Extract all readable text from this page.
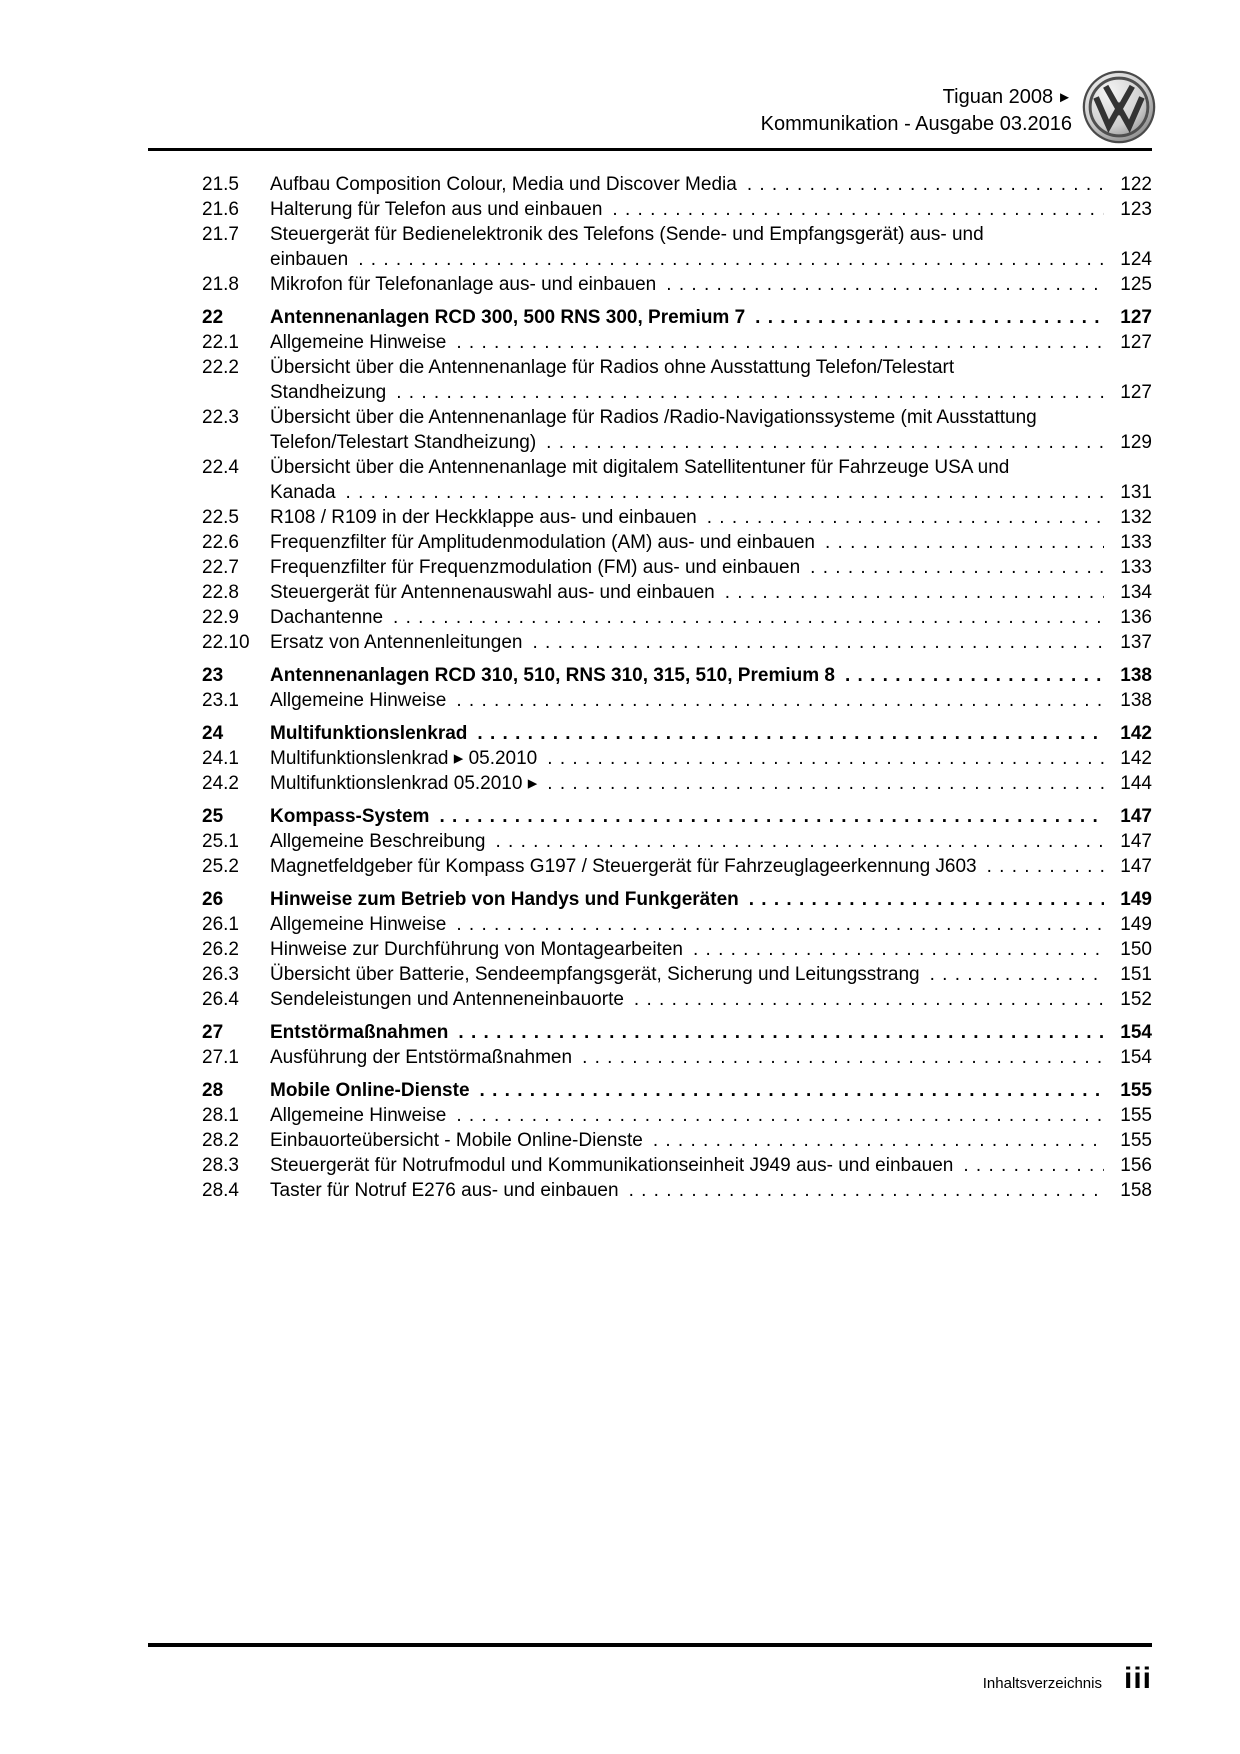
Tiguan 2008 ►
Kommunikation - Ausgabe 03.2016
21.5	Aufbau Composition Colour, Media und Discover Media . . .	122
21.6	Halterung für Telefon aus und einbauen . . .	123
21.7	Steuergerät für Bedienelektronik des Telefons (Sende- und Empfangsgerät) aus- und
einbauen . . .	124
21.8	Mikrofon für Telefonanlage aus- und einbauen . . .	125
22	Antennenanlagen RCD 300, 500 RNS 300, Premium 7 . . .	127
22.1	Allgemeine Hinweise . . .	127
22.2	Übersicht über die Antennenanlage für Radios ohne Ausstattung Telefon/Telestart
Standheizung . . .	127
22.3	Übersicht über die Antennenanlage für Radios /Radio-Navigationssysteme (mit Ausstattung
Telefon/Telestart Standheizung) . . .	129
22.4	Übersicht über die Antennenanlage mit digitalem Satellitentuner für Fahrzeuge USA und
Kanada . . .	131
22.5	R108 / R109 in der Heckklappe aus- und einbauen . . .	132
22.6	Frequenzfilter für Amplitudenmodulation (AM) aus- und einbauen . . .	133
22.7	Frequenzfilter für Frequenzmodulation (FM) aus- und einbauen . . .	133
22.8	Steuergerät für Antennenauswahl aus- und einbauen . . .	134
22.9	Dachantenne . . .	136
22.10	Ersatz von Antennenleitungen . . .	137
23	Antennenanlagen RCD 310, 510, RNS 310, 315, 510, Premium 8 . . .	138
23.1	Allgemeine Hinweise . . .	138
24	Multifunktionslenkrad . . .	142
24.1	Multifunktionslenkrad ▸ 05.2010 . . .	142
24.2	Multifunktionslenkrad 05.2010 ▸ . . .	144
25	Kompass-System . . .	147
25.1	Allgemeine Beschreibung . . .	147
25.2	Magnetfeldgeber für Kompass G197 / Steuergerät für Fahrzeuglageerkennung J603 . . .	147
26	Hinweise zum Betrieb von Handys und Funkgeräten . . .	149
26.1	Allgemeine Hinweise . . .	149
26.2	Hinweise zur Durchführung von Montagearbeiten . . .	150
26.3	Übersicht über Batterie, Sendeempfangsgerät, Sicherung und Leitungsstrang . . .	151
26.4	Sendeleistungen und Antenneneinbauorte . . .	152
27	Entstörmaßnahmen . . .	154
27.1	Ausführung der Entstörmaßnahmen . . .	154
28	Mobile Online-Dienste . . .	155
28.1	Allgemeine Hinweise . . .	155
28.2	Einbauorteübersicht - Mobile Online-Dienste . . .	155
28.3	Steuergerät für Notrufmodul und Kommunikationseinheit J949 aus- und einbauen . . .	156
28.4	Taster für Notruf E276 aus- und einbauen . . .	158
Inhaltsverzeichnis iii
